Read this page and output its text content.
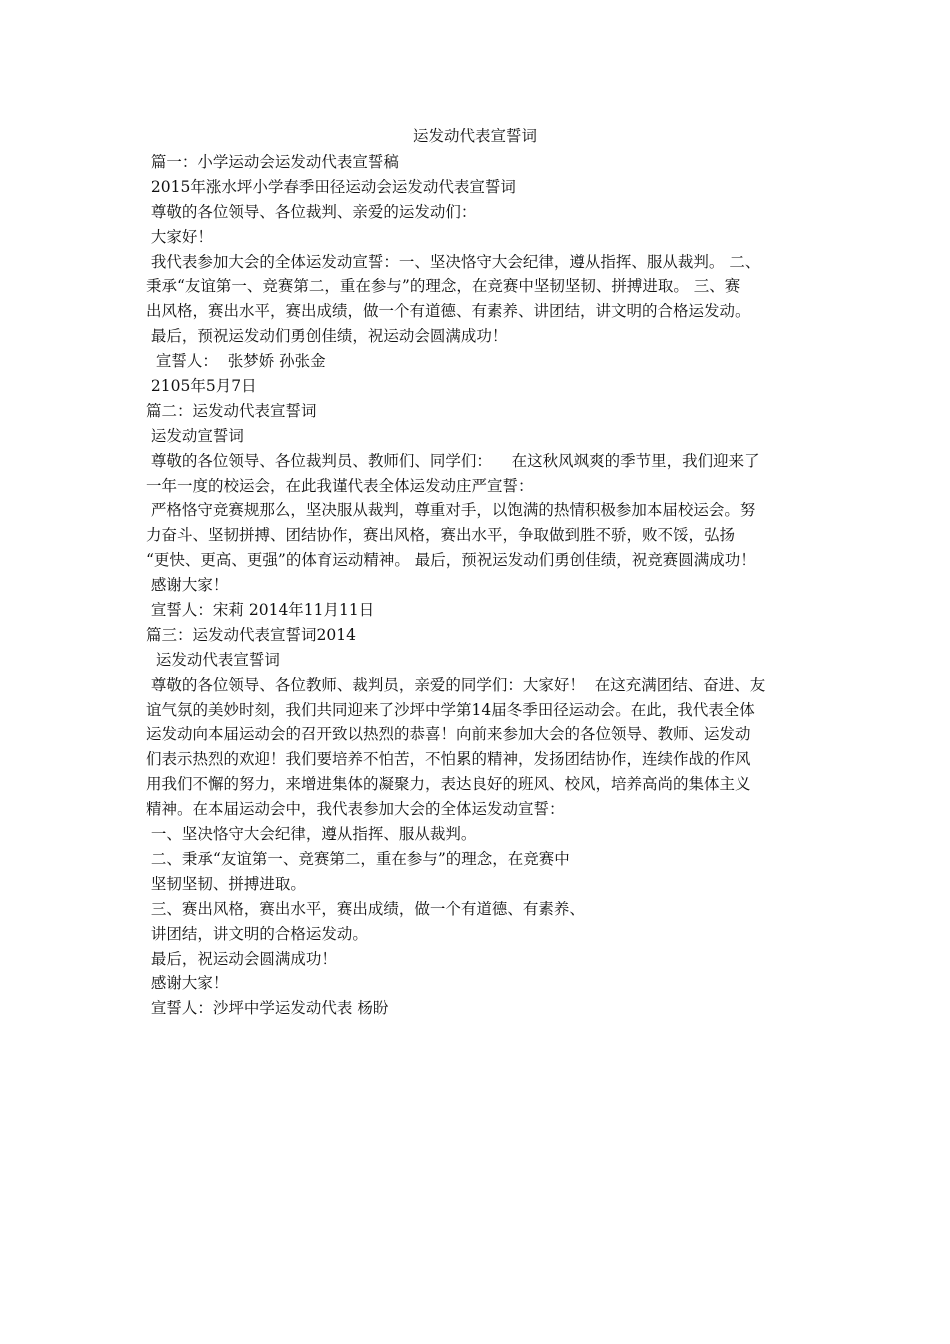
运发动代表宣誓词
篇一：小学运动会运发动代表宣誓稿
2015年涨水坪小学春季田径运动会运发动代表宣誓词
尊敬的各位领导、各位裁判、亲爱的运发动们：
大家好！
我代表参加大会的全体运发动宣誓：一、坚决恪守大会纪律，遵从指挥、服从裁判。 二、
秉承“友谊第一、竞赛第二，重在参与”的理念，在竞赛中坚韧坚韧、拼搏进取。 三、赛
出风格，赛出水平，赛出成绩，做一个有道德、有素养、讲团结，讲文明的合格运发动。
最后，预祝运发动们勇创佳绩，祝运动会圆满成功！
宣誓人：  张梦娇 孙张金
2105年5月7日
篇二：运发动代表宣誓词
运发动宣誓词
尊敬的各位领导、各位裁判员、教师们、同学们：    在这秋风飒爽的季节里，我们迎来了
一年一度的校运会，在此我谨代表全体运发动庄严宣誓：
严格恪守竞赛规那么，坚决服从裁判，尊重对手，以饱满的热情积极参加本届校运会。努
力奋斗、坚韧拼搏、团结协作，赛出风格，赛出水平，争取做到胜不骄，败不馁，弘扬
“更快、更高、更强”的体育运动精神。 最后，预祝运发动们勇创佳绩，祝竞赛圆满成功！
感谢大家！
宣誓人：宋莉 2014年11月11日
篇三：运发动代表宣誓词2014
运发动代表宣誓词
尊敬的各位领导、各位教师、裁判员，亲爱的同学们：大家好！  在这充满团结、奋进、友
谊气氛的美妙时刻，我们共同迎来了沙坪中学第14届冬季田径运动会。在此，我代表全体
运发动向本届运动会的召开致以热烈的恭喜！向前来参加大会的各位领导、教师、运发动
们表示热烈的欢迎！我们要培养不怕苦，不怕累的精神，发扬团结协作，连续作战的作风
用我们不懈的努力，来增进集体的凝聚力，表达良好的班风、校风，培养高尚的集体主义
精神。在本届运动会中，我代表参加大会的全体运发动宣誓：
一、坚决恪守大会纪律，遵从指挥、服从裁判。
二、秉承“友谊第一、竞赛第二，重在参与”的理念，在竞赛中
坚韧坚韧、拼搏进取。
三、赛出风格，赛出水平，赛出成绩，做一个有道德、有素养、
讲团结，讲文明的合格运发动。
最后，祝运动会圆满成功！
感谢大家！
宣誓人：沙坪中学运发动代表 杨盼
